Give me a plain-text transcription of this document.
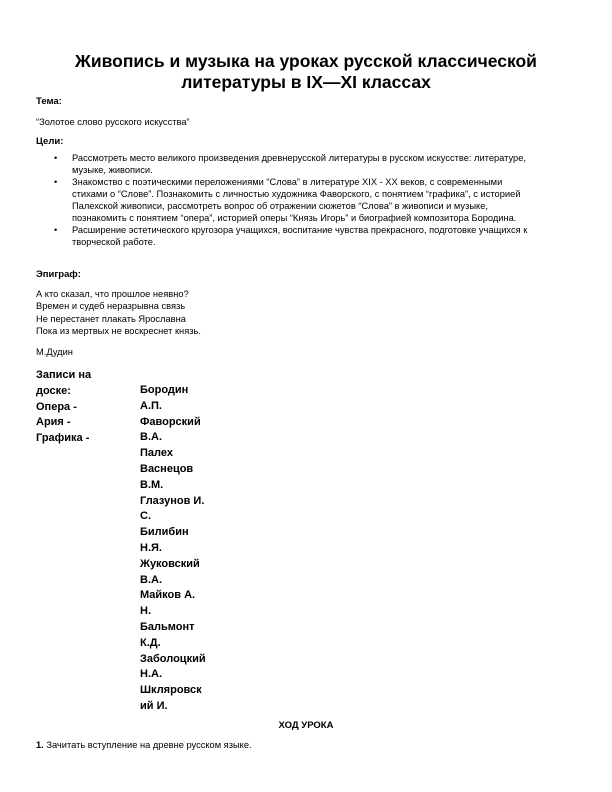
Живопись и музыка на уроках русской классической
литературы в IX—XI классах
Тема:
“Золотое слово русского искусства”
Цели:
• Рассмотреть место великого произведения древнерусской литературы в русском искусстве: литературе,
музыке, живописи.
• Знакомство с поэтическими переложениями “Слова” в литературе XIX - XX веков, с современными
стихами о “Слове”. Познакомить с личностью художника Фаворского, с понятием “графика”, с историей
Палехской живописи, рассмотреть вопрос об отражении сюжетов “Слова” в живописи и музыке,
познакомить с понятием “опера”, историей оперы “Князь Игорь” и биографией композитора Бородина.
• Расширение эстетического кругозора учащихся, воспитание чувства прекрасного, подготовке учащихся к
творческой работе.
Эпиграф:
А кто сказал, что прошлое неявно?
Времен и судеб неразрывна связь
Не перестанет плакать Ярославна
Пока из мертвых не воскреснет князь.
М.Дудин
Записи на
доске:
Опера -
Ария -
Графика -
Бородин
А.П.
Фаворский
В.А.
Палех
Васнецов
В.М.
Глазунов И.
С.
Билибин
Н.Я.
Жуковский
В.А.
Майков А.
Н.
Бальмонт
К.Д.
Заболоцкий
Н.А.
Шкляровск
ий И.
ХОД УРОКА
1. Зачитать вступление на древне русском языке.
